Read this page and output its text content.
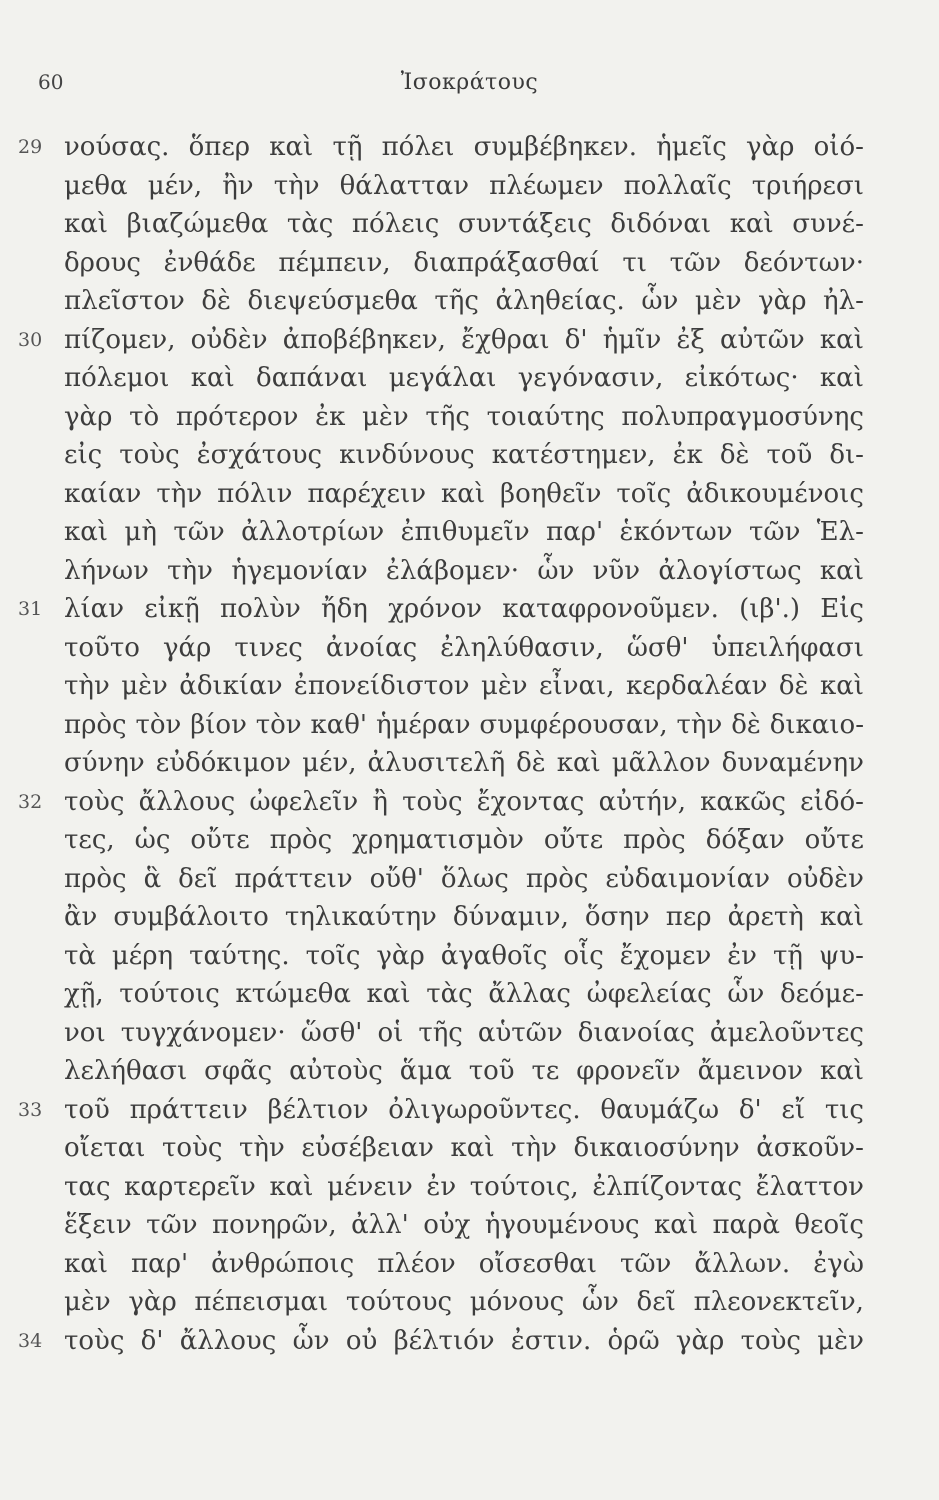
60	Ἰσοκράτους
29 νούσας. ὅπερ καὶ τῇ πόλει συμβέβηκεν. ἡμεῖς γὰρ οἰό-
μεθα μέν, ἢν τὴν θάλατταν πλέωμεν πολλαῖς τριήρεσι
καὶ βιαζώμεθα τὰς πόλεις συντάξεις διδόναι καὶ συνέ-
δρους ἐνθάδε πέμπειν, διαπράξασθαί τι τῶν δεόντων·
πλεῖστον δὲ διεψεύσμεθα τῆς ἀληθείας. ὧν μὲν γὰρ ἠλ-
30 πίζομεν, οὐδὲν ἀποβέβηκεν, ἔχθραι δ' ἡμῖν ἐξ αὐτῶν καὶ
πόλεμοι καὶ δαπάναι μεγάλαι γεγόνασιν, εἰκότως· καὶ
γὰρ τὸ πρότερον ἐκ μὲν τῆς τοιαύτης πολυπραγμοσύνης
εἰς τοὺς ἐσχάτους κινδύνους κατέστημεν, ἐκ δὲ τοῦ δι-
καίαν τὴν πόλιν παρέχειν καὶ βοηθεῖν τοῖς ἀδικουμένοις
καὶ μὴ τῶν ἀλλοτρίων ἐπιθυμεῖν παρ' ἑκόντων τῶν Ἑλ-
λήνων τὴν ἡγεμονίαν ἐλάβομεν· ὧν νῦν ἀλογίστως καὶ
31 λίαν εἰκῇ πολὺν ἤδη χρόνον καταφρονοῦμεν. (ιβ'.) Εἰς
τοῦτο γάρ τινες ἀνοίας ἐληλύθασιν, ὥσθ' ὑπειλήφασι
τὴν μὲν ἀδικίαν ἐπονείδιστον μὲν εἶναι, κερδαλέαν δὲ καὶ
πρὸς τὸν βίον τὸν καθ' ἡμέραν συμφέρουσαν, τὴν δὲ δικαιο-
σύνην εὐδόκιμον μέν, ἀλυσιτελῆ δὲ καὶ μᾶλλον δυναμένην
32 τοὺς ἄλλους ὠφελεῖν ἢ τοὺς ἔχοντας αὐτήν, κακῶς εἰδό-
τες, ὡς οὔτε πρὸς χρηματισμὸν οὔτε πρὸς δόξαν οὔτε
πρὸς ἃ δεῖ πράττειν οὔθ' ὅλως πρὸς εὐδαιμονίαν οὐδὲν
ἂν συμβάλοιτο τηλικαύτην δύναμιν, ὅσην περ ἀρετὴ καὶ
τὰ μέρη ταύτης. τοῖς γὰρ ἀγαθοῖς οἷς ἔχομεν ἐν τῇ ψυ-
χῇ, τούτοις κτώμεθα καὶ τὰς ἄλλας ὠφελείας ὧν δεόμε-
νοι τυγχάνομεν· ὥσθ' οἱ τῆς αὑτῶν διανοίας ἀμελοῦντες
λελήθασι σφᾶς αὐτοὺς ἅμα τοῦ τε φρονεῖν ἄμεινον καὶ
33 τοῦ πράττειν βέλτιον ὀλιγωροῦντες. θαυμάζω δ' εἴ τις
οἴεται τοὺς τὴν εὐσέβειαν καὶ τὴν δικαιοσύνην ἀσκοῦν-
τας καρτερεῖν καὶ μένειν ἐν τούτοις, ἐλπίζοντας ἔλαττον
ἕξειν τῶν πονηρῶν, ἀλλ' οὐχ ἡγουμένους καὶ παρὰ θεοῖς
καὶ παρ' ἀνθρώποις πλέον οἴσεσθαι τῶν ἄλλων. ἐγὼ
μὲν γὰρ πέπεισμαι τούτους μόνους ὧν δεῖ πλεονεκτεῖν,
34 τοὺς δ' ἄλλους ὧν οὐ βέλτιόν ἐστιν. ὁρῶ γὰρ τοὺς μὲν
